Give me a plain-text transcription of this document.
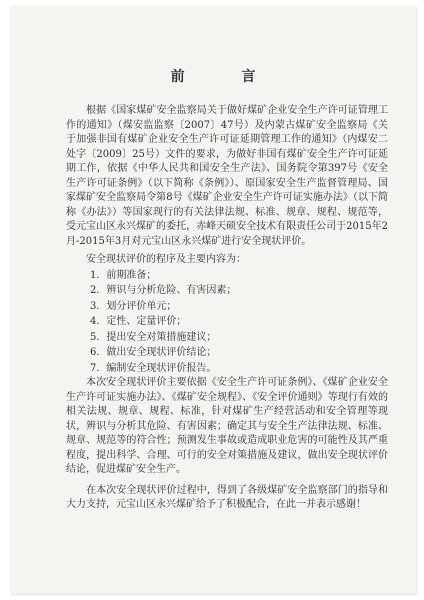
前 言

根据《国家煤矿安全监察局关于做好煤矿企业安全生产许可证管理工作的通知》（煤安监监察〔2007〕47号）及内蒙古煤矿安全监察局《关于加强非国有煤矿企业安全生产许可证延期管理工作的通知》（内煤安二处字〔2009〕25号）文件的要求，为做好非国有煤矿安全生产许可证延期工作，依据《中华人民共和国安全生产法》、国务院令第397号《安全生产许可证条例》（以下简称《条例》）、原国家安全生产监督管理局、国家煤矿安全监察局令第8号《煤矿企业安全生产许可证实施办法》（以下简称《办法》）等国家现行的有关法律法规、标准、规章、规程、规范等，受元宝山区永兴煤矿的委托，赤峰天硕安全技术有限责任公司于2015年2月-2015年3月对元宝山区永兴煤矿进行安全现状评价。

安全现状评价的程序及主要内容为：

1．前期准备；
2．辨识与分析危险、有害因素；
3．划分评价单元；
4．定性、定量评价；
5．提出安全对策措施建议；
6．做出安全现状评价结论；
7．编制安全现状评价报告。

本次安全现状评价主要依据《安全生产许可证条例》、《煤矿企业安全生产许可证实施办法》、《煤矿安全规程》、《安全评价通则》等现行有效的相关法规、规章、规程、标准，针对煤矿生产经营活动和安全管理等现状，辨识与分析其危险、有害因素；确定其与安全生产法律法规、标准、规章、规范等的符合性；预测发生事故或造成职业危害的可能性及其严重程度，提出科学、合理、可行的安全对策措施及建议，做出安全现状评价结论，促进煤矿安全生产。

在本次安全现状评价过程中，得到了各级煤矿安全监察部门的指导和大力支持，元宝山区永兴煤矿给予了积极配合，在此一并表示感谢！
